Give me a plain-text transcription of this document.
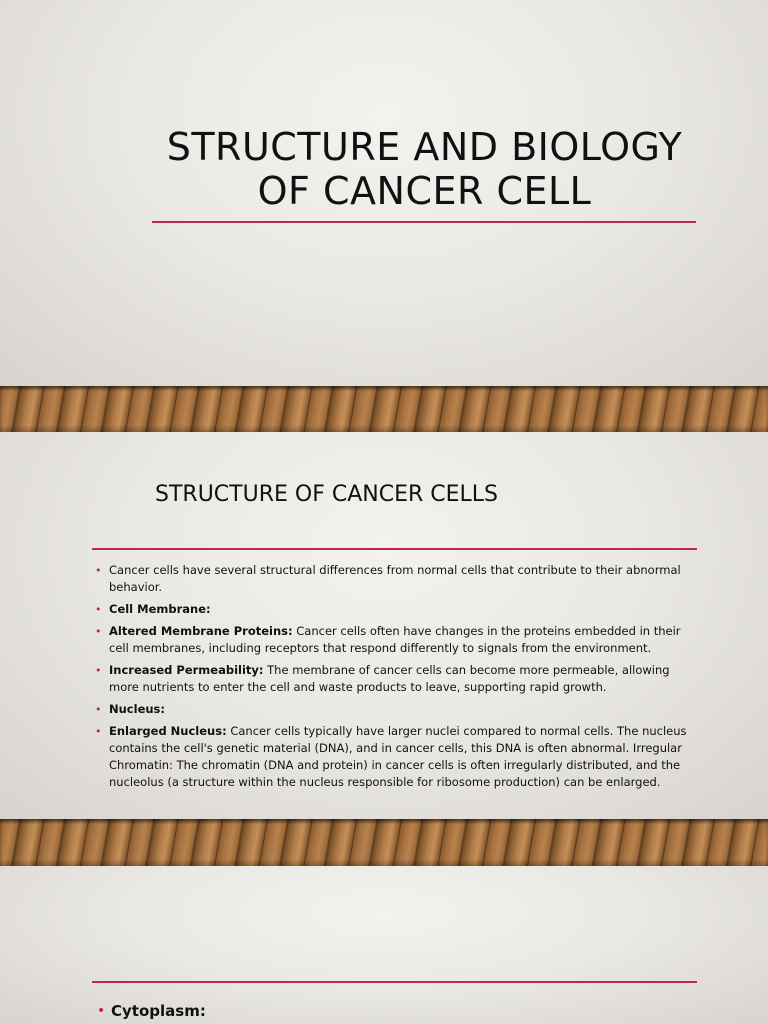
STRUCTURE AND BIOLOGY
OF CANCER CELL
STRUCTURE OF CANCER CELLS
• Cancer cells have several structural differences from normal cells that contribute to their abnormal behavior.
• Cell Membrane:
• Altered Membrane Proteins: Cancer cells often have changes in the proteins embedded in their cell membranes, including receptors that respond differently to signals from the environment.
• Increased Permeability: The membrane of cancer cells can become more permeable, allowing more nutrients to enter the cell and waste products to leave, supporting rapid growth.
• Nucleus:
• Enlarged Nucleus: Cancer cells typically have larger nuclei compared to normal cells. The nucleus contains the cell's genetic material (DNA), and in cancer cells, this DNA is often abnormal. Irregular Chromatin: The chromatin (DNA and protein) in cancer cells is often irregularly distributed, and the nucleolus (a structure within the nucleus responsible for ribosome production) can be enlarged.
• Cytoplasm:
